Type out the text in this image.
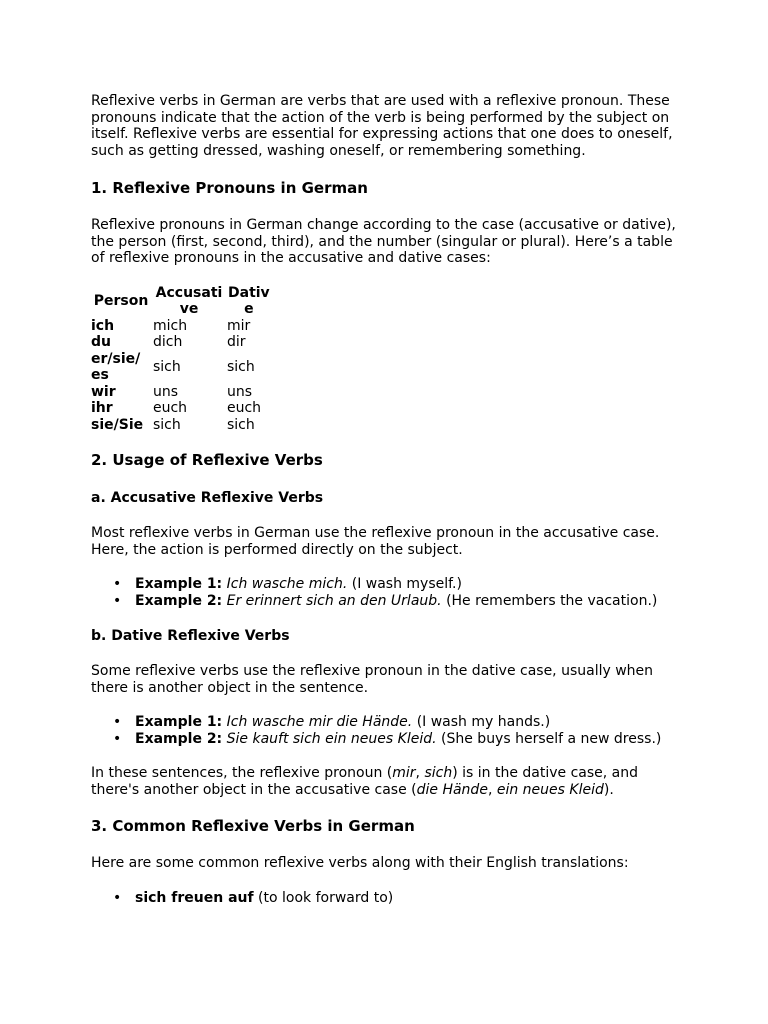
Reflexive verbs in German are verbs that are used with a reflexive pronoun. These pronouns indicate that the action of the verb is being performed by the subject on itself. Reflexive verbs are essential for expressing actions that one does to oneself, such as getting dressed, washing oneself, or remembering something.

1. Reflexive Pronouns in German

Reflexive pronouns in German change according to the case (accusative or dative), the person (first, second, third), and the number (singular or plural). Here’s a table of reflexive pronouns in the accusative and dative cases:

Person	Accusati ve	Dativ e
ich	mich	mir
du	dich	dir
er/sie/ es	sich	sich
wir	uns	uns
ihr	euch	euch
sie/Sie	sich	sich
2. Usage of Reflexive Verbs
a. Accusative Reflexive Verbs

Most reflexive verbs in German use the reflexive pronoun in the accusative case. Here, the action is performed directly on the subject.

• Example 1: Ich wasche mich. (I wash myself.)
• Example 2: Er erinnert sich an den Urlaub. (He remembers the vacation.)
b. Dative Reflexive Verbs

Some reflexive verbs use the reflexive pronoun in the dative case, usually when there is another object in the sentence.

• Example 1: Ich wasche mir die Hände. (I wash my hands.)
• Example 2: Sie kauft sich ein neues Kleid. (She buys herself a new dress.)

In these sentences, the reflexive pronoun (mir, sich) is in the dative case, and there's another object in the accusative case (die Hände, ein neues Kleid).

3. Common Reflexive Verbs in German

Here are some common reflexive verbs along with their English translations:

• sich freuen auf (to look forward to)
